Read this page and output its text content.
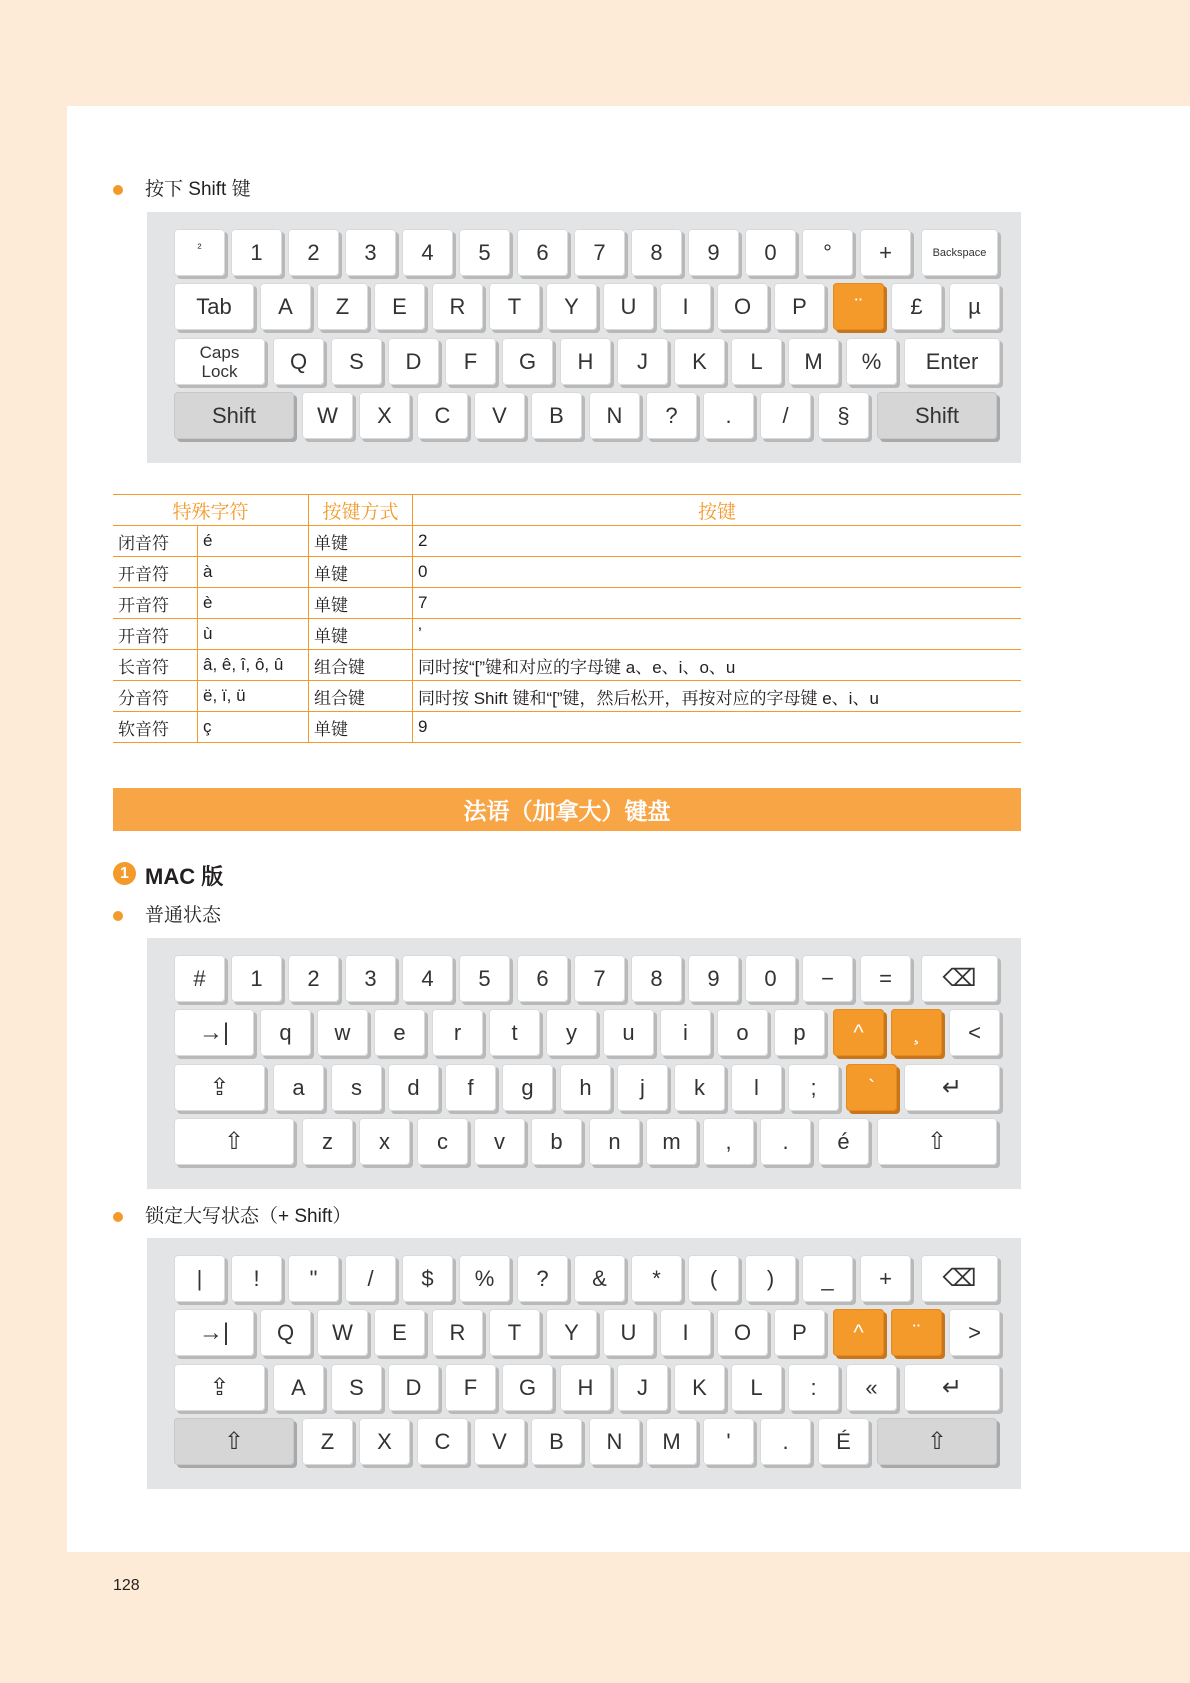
按下 Shift 键
²	1	2	3	4	5	6	7	8	9	0	°	+	Backspace
Tab	A	Z	E	R	T	Y	U	I	O	P	¨	£	µ
Caps
Lock	Q	S	D	F	G	H	J	K	L	M	%	Enter
Shift	W	X	C	V	B	N	?	.	/	§	Shift
特殊字符		按键方式	按键
闭音符	é	单键	2
开音符	à	单键	0
开音符	è	单键	7
开音符	ù	单键	’
长音符	â, ê, î, ô, û	组合键	同时按“[”键和对应的字母键 a、e、i、o、u
分音符	ë, ï, ü	组合键	同时按 Shift 键和“[”键，然后松开，再按对应的字母键 e、i、u
软音符	ç	单键	9
法语（加拿大）键盘
1 MAC 版
普通状态
#	1	2	3	4	5	6	7	8	9	0	−	=	⌫
→|	q	w	e	r	t	y	u	i	o	p	^	¸	<
⇪	a	s	d	f	g	h	j	k	l	;	`	↵
⇧	z	x	c	v	b	n	m	,	.	é	⇧
锁定大写状态（+ Shift）
|	!	"	/	$	%	?	&	*	(	)	_	+	⌫
→|	Q	W	E	R	T	Y	U	I	O	P	^	¨	>
⇪	A	S	D	F	G	H	J	K	L	:	«	↵
⇧	Z	X	C	V	B	N	M	'	.	É	⇧
128
